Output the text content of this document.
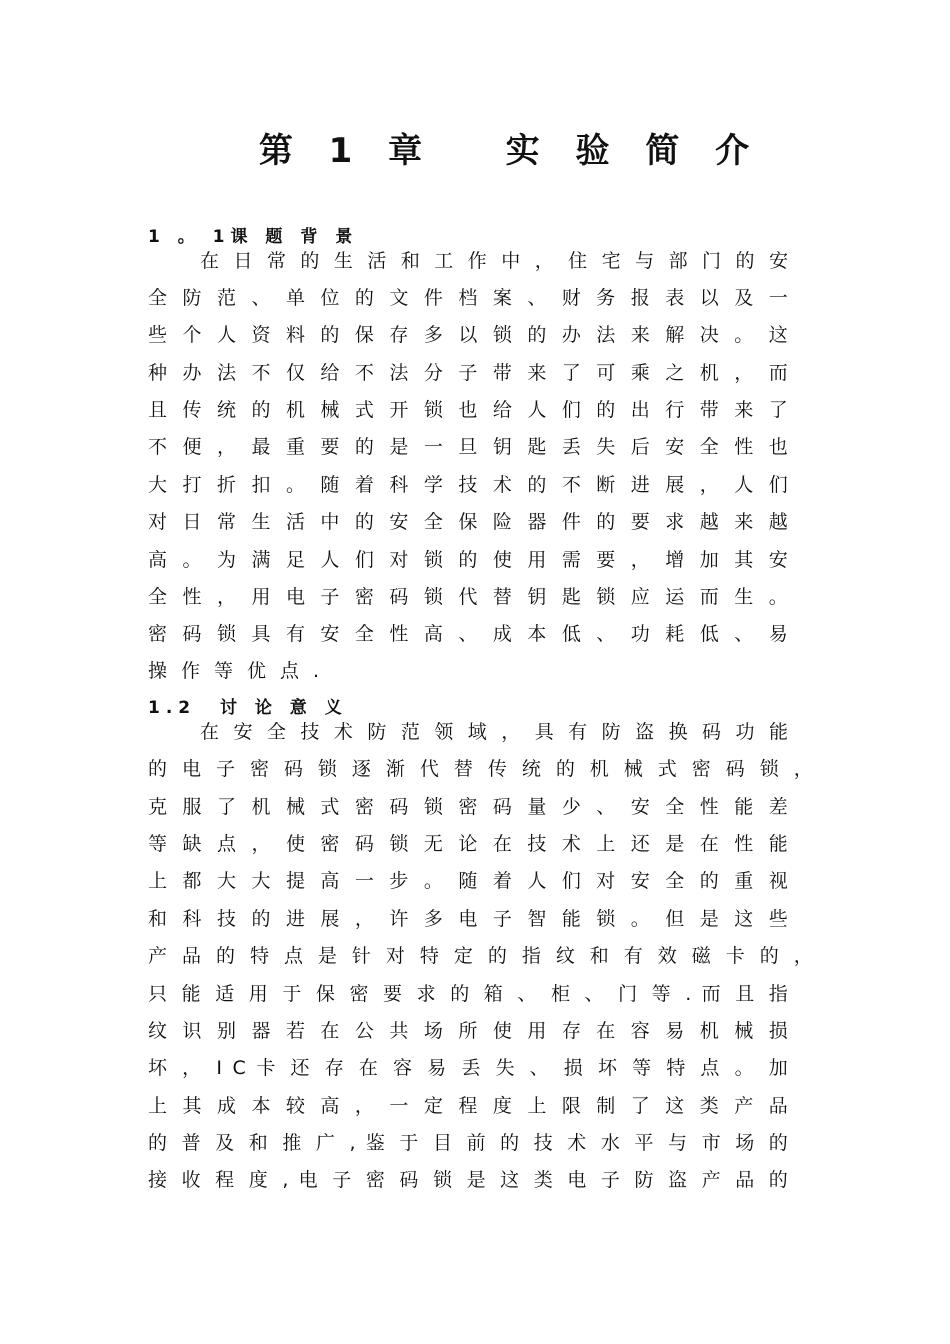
第 1 章   实 验 简 介
1 。 1课 题 背 景
在 日 常 的 生 活 和 工 作 中 ， 住 宅 与 部 门 的 安
全 防 范 、 单 位 的 文 件 档 案 、 财 务 报 表 以 及 一
些 个 人 资 料 的 保 存 多 以 锁 的 办 法 来 解 决 。 这
种 办 法 不 仅 给 不 法 分 子 带 来 了 可 乘 之 机 ， 而
且 传 统 的 机 械 式 开 锁 也 给 人 们 的 出 行 带 来 了
不 便 ， 最 重 要 的 是 一 旦 钥 匙 丢 失 后 安 全 性 也
大 打 折 扣 。 随 着 科 学 技 术 的 不 断 进 展 ， 人 们
对 日 常 生 活 中 的 安 全 保 险 器 件 的 要 求 越 来 越
高 。 为 满 足 人 们 对 锁 的 使 用 需 要 ， 增 加 其 安
全 性 ， 用 电 子 密 码 锁 代 替 钥 匙 锁 应 运 而 生 。
密 码 锁 具 有 安 全 性 高 、 成 本 低 、 功 耗 低 、 易
操作等优点.
1.2  讨 论 意 义
在 安 全 技 术 防 范 领 域 ， 具 有 防 盗 换 码 功 能
的 电 子 密 码 锁 逐 渐 代 替 传 统 的 机 械 式 密 码 锁 ，
克 服 了 机 械 式 密 码 锁 密 码 量 少 、 安 全 性 能 差
等 缺 点 ， 使 密 码 锁 无 论 在 技 术 上 还 是 在 性 能
上 都 大 大 提 高 一 步 。 随 着 人 们 对 安 全 的 重 视
和 科 技 的 进 展 ， 许 多 电 子 智 能 锁 。 但 是 这 些
产 品 的 特 点 是 针 对 特 定 的 指 纹 和 有 效 磁 卡 的 ，
只 能 适 用 于 保 密 要 求 的 箱 、 柜 、 门 等 . 而 且 指
纹 识 别 器 若 在 公 共 场 所 使 用 存 在 容 易 机 械 损
坏 ， I C 卡 还 存 在 容 易 丢 失 、 损 坏 等 特 点 。 加
上 其 成 本 较 高 ， 一 定 程 度 上 限 制 了 这 类 产 品
的 普 及 和 推 广 , 鉴 于 目 前 的 技 术 水 平 与 市 场 的
接 收 程 度 , 电 子 密 码 锁 是 这 类 电 子 防 盗 产 品 的
